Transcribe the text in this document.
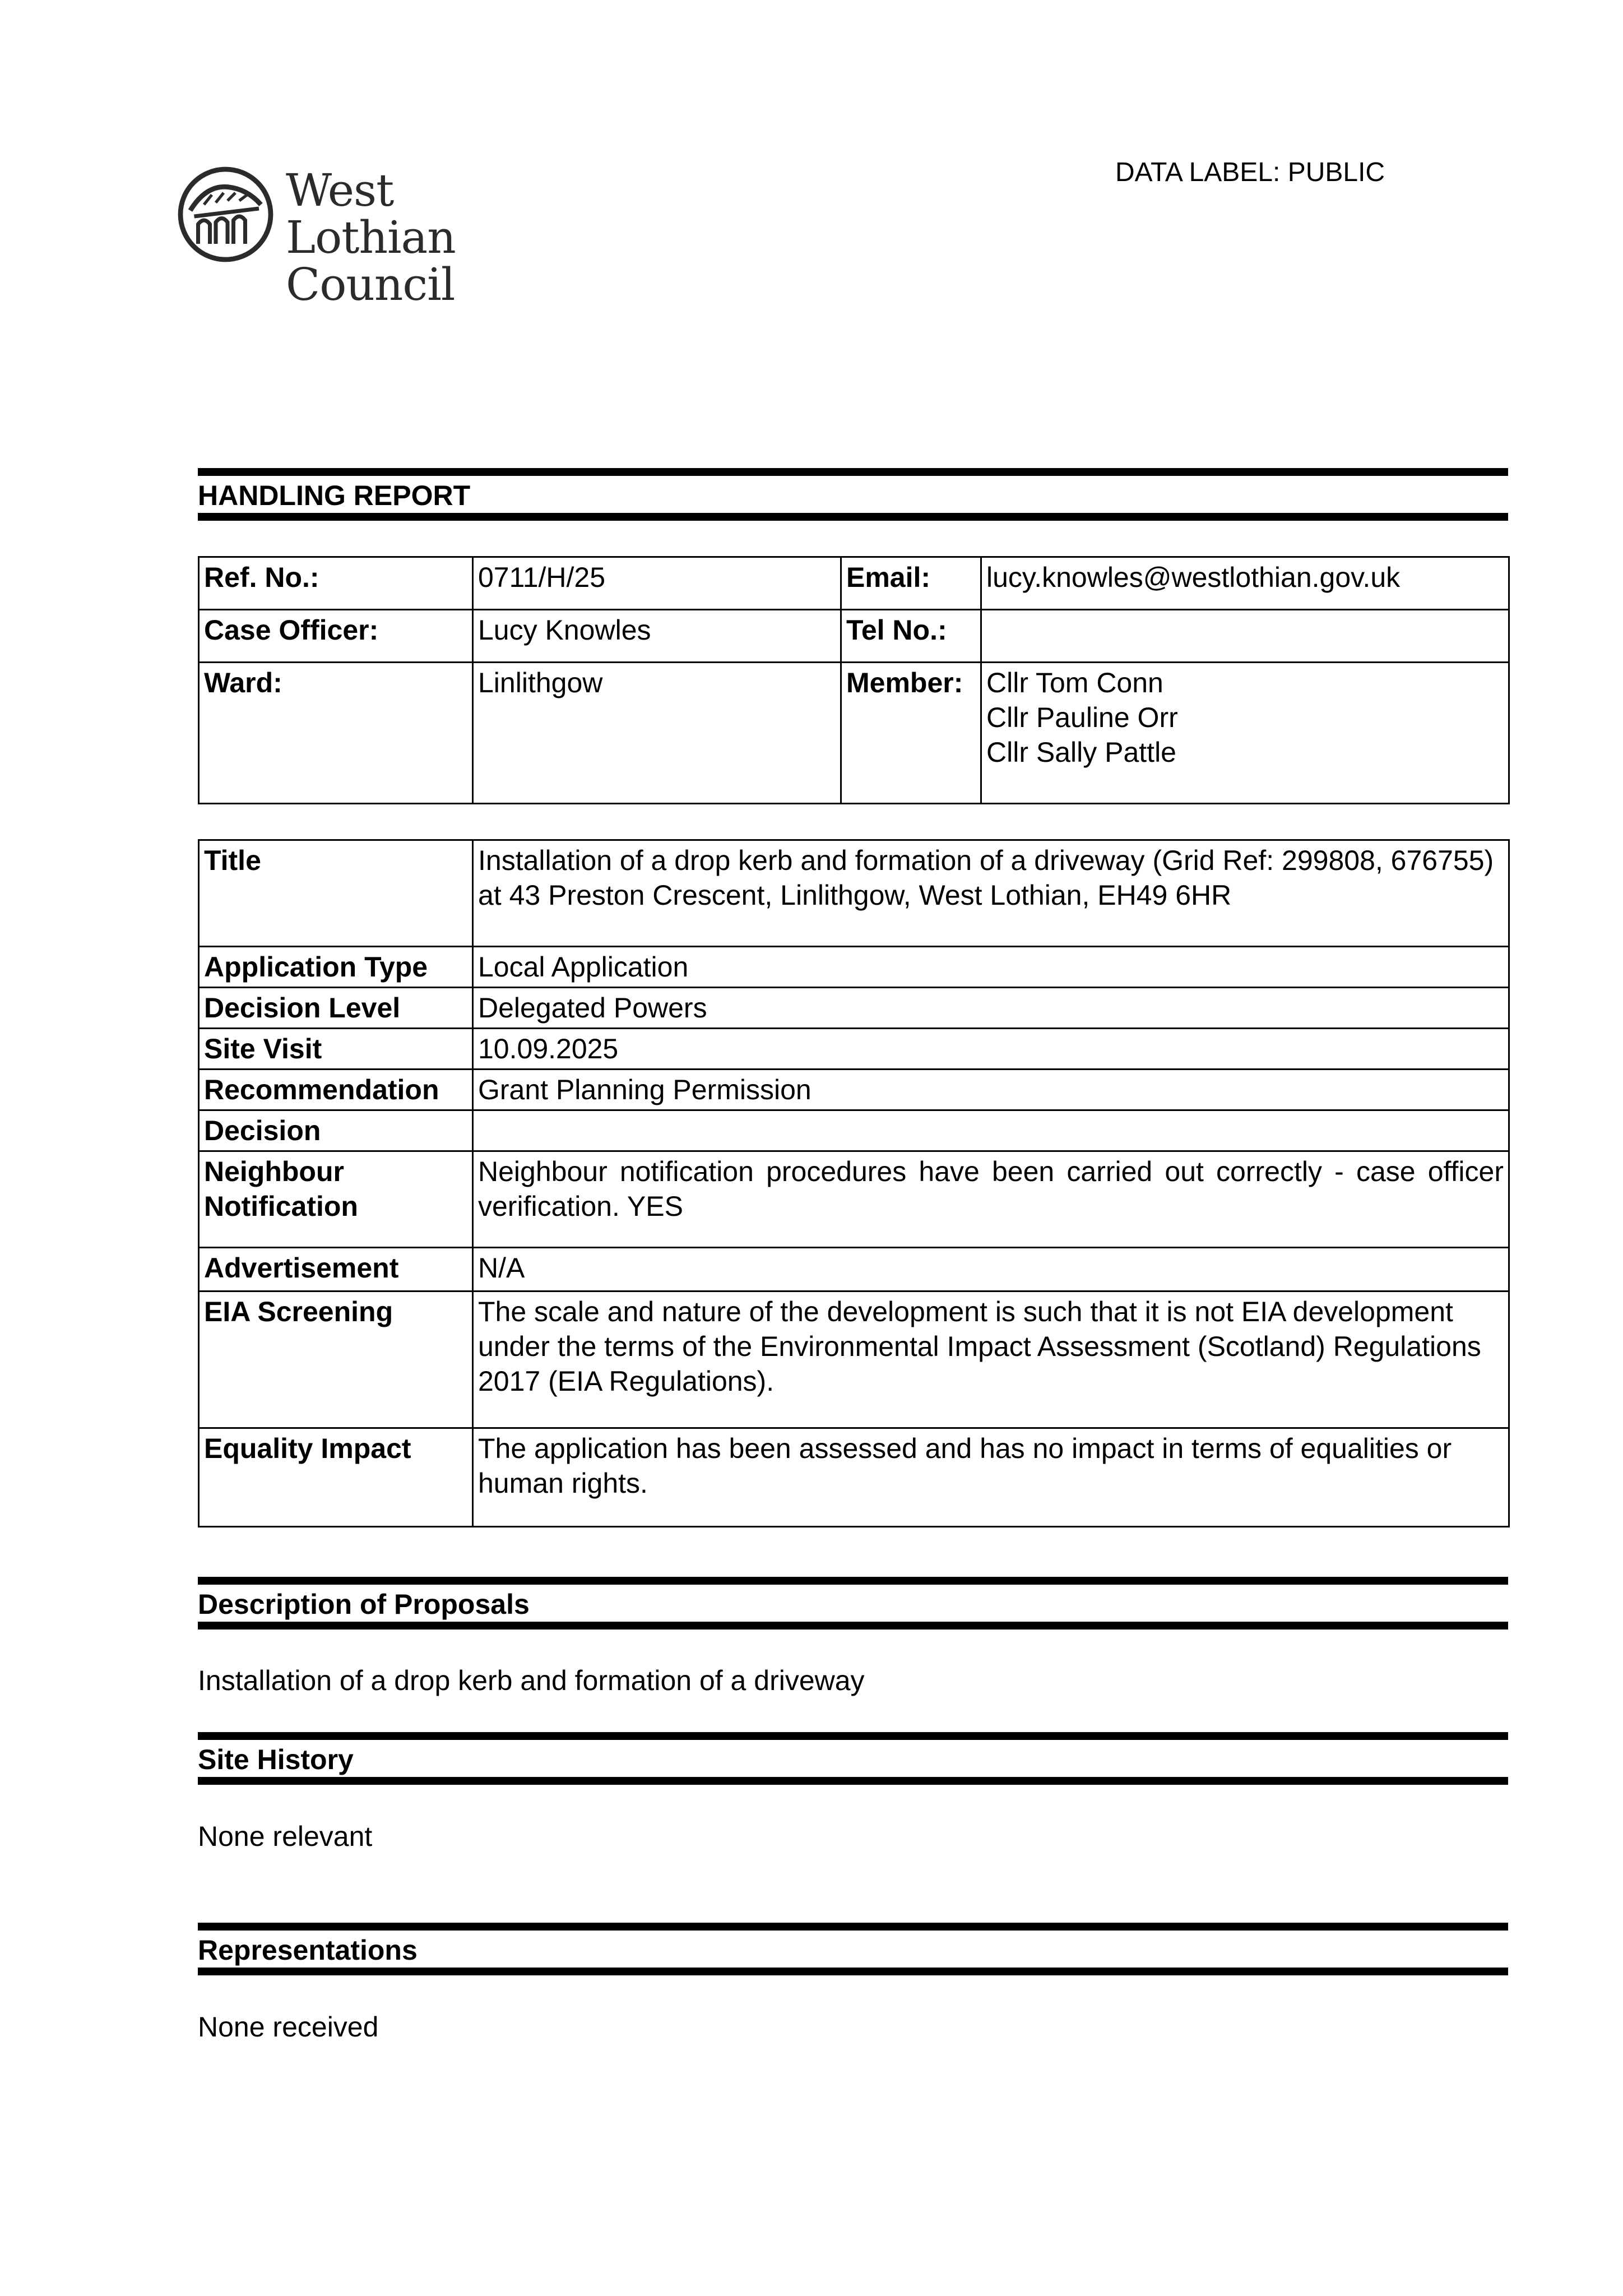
West Lothian
Council
DATA LABEL: PUBLIC
HANDLING REPORT
Ref. No.:	0711/H/25	Email:	lucy.knowles@westlothian.gov.uk
Case Officer:	Lucy Knowles	Tel No.:	
Ward:	Linlithgow	Member:	Cllr Tom Conn
Cllr Pauline Orr
Cllr Sally Pattle
Title	Installation of a drop kerb and formation of a driveway (Grid Ref: 299808, 676755) at 43 Preston Crescent, Linlithgow, West Lothian, EH49 6HR
Application Type	Local Application
Decision Level	Delegated Powers
Site Visit	10.09.2025
Recommendation	Grant Planning Permission
Decision	
Neighbour Notification	Neighbour notification procedures have been carried out correctly - case officer verification. YES
Advertisement	N/A
EIA Screening	The scale and nature of the development is such that it is not EIA development under the terms of the Environmental Impact Assessment (Scotland) Regulations 2017 (EIA Regulations).
Equality Impact	The application has been assessed and has no impact in terms of equalities or human rights.
Description of Proposals
Installation of a drop kerb and formation of a driveway
Site History
None relevant
Representations
None received
